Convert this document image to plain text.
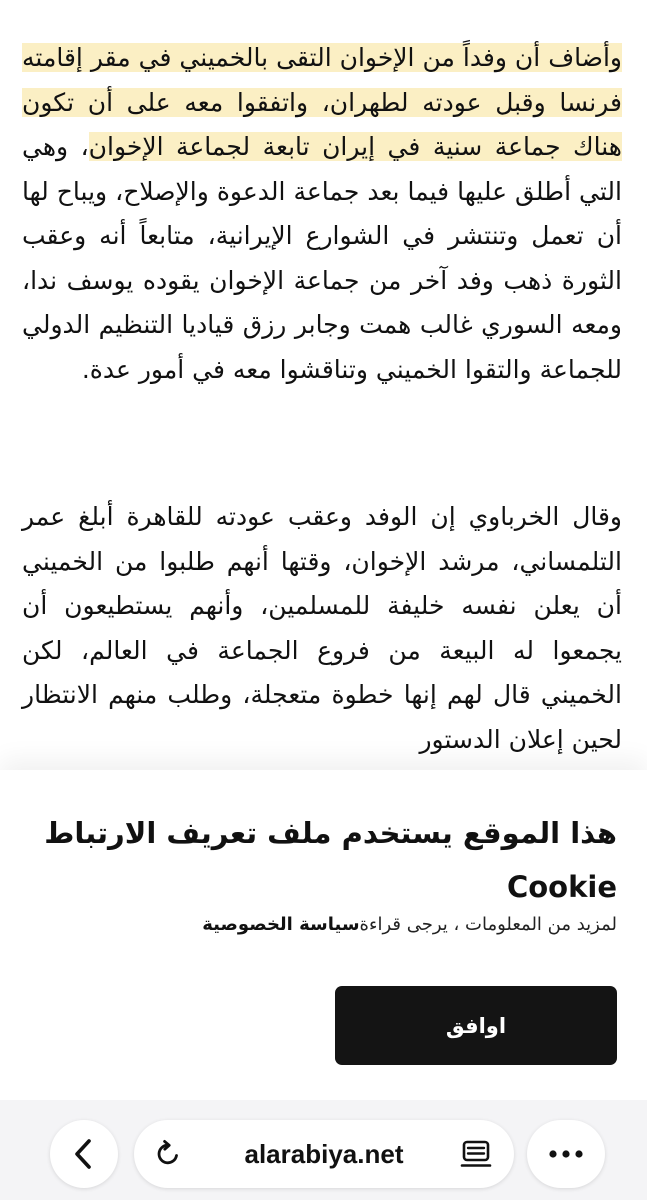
وأضاف أن وفداً من الإخوان التقى بالخميني في مقر إقامته فرنسا وقبل عودته لطهران، واتفقوا معه على أن تكون هناك جماعة سنية في إيران تابعة لجماعة الإخوان، وهي التي أطلق عليها فيما بعد جماعة الدعوة والإصلاح، ويباح لها أن تعمل وتنتشر في الشوارع الإيرانية، متابعاً أنه وعقب الثورة ذهب وفد آخر من جماعة الإخوان يقوده يوسف ندا، ومعه السوري غالب همت وجابر رزق قياديا التنظيم الدولي للجماعة والتقوا الخميني وتناقشوا معه في أمور عدة.

وقال الخرباوي إن الوفد وعقب عودته للقاهرة أبلغ عمر التلمساني، مرشد الإخوان، وقتها أنهم طلبوا من الخميني أن يعلن نفسه خليفة للمسلمين، وأنهم يستطيعون أن يجمعوا له البيعة من فروع الجماعة في العالم، لكن الخميني قال لهم إنها خطوة متعجلة، وطلب منهم الانتظار لحين إعلان الدستور

هذا الموقع يستخدم ملف تعريف الارتباط Cookie

لمزيد من المعلومات ، يرجى قراءةسياسة الخصوصية
اوافق
alarabiya.net
